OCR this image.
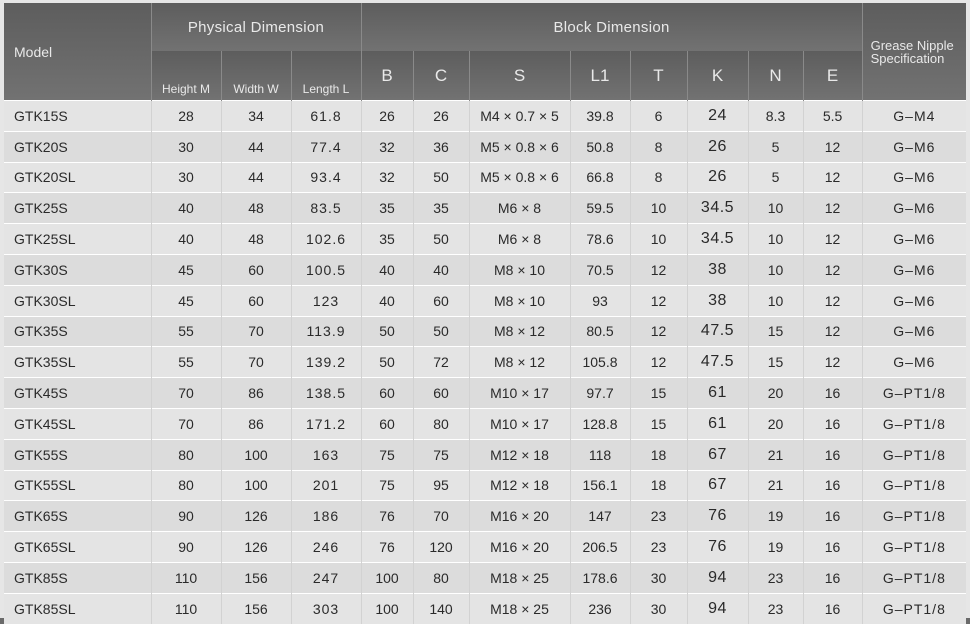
Model	Physical Dimension			Block Dimension								Grease Nipple
Specification
	Height M	Width W	Length L	B	C	S	L1	T	K	N	E	
GTK15S	28	34	61.8	26	26	M4 × 0.7 × 5	39.8	6	24	8.3	5.5	G–M4
GTK20S	30	44	77.4	32	36	M5 × 0.8 × 6	50.8	8	26	5	12	G–M6
GTK20SL	30	44	93.4	32	50	M5 × 0.8 × 6	66.8	8	26	5	12	G–M6
GTK25S	40	48	83.5	35	35	M6 × 8	59.5	10	34.5	10	12	G–M6
GTK25SL	40	48	102.6	35	50	M6 × 8	78.6	10	34.5	10	12	G–M6
GTK30S	45	60	100.5	40	40	M8 × 10	70.5	12	38	10	12	G–M6
GTK30SL	45	60	123	40	60	M8 × 10	93	12	38	10	12	G–M6
GTK35S	55	70	113.9	50	50	M8 × 12	80.5	12	47.5	15	12	G–M6
GTK35SL	55	70	139.2	50	72	M8 × 12	105.8	12	47.5	15	12	G–M6
GTK45S	70	86	138.5	60	60	M10 × 17	97.7	15	61	20	16	G–PT1/8
GTK45SL	70	86	171.2	60	80	M10 × 17	128.8	15	61	20	16	G–PT1/8
GTK55S	80	100	163	75	75	M12 × 18	118	18	67	21	16	G–PT1/8
GTK55SL	80	100	201	75	95	M12 × 18	156.1	18	67	21	16	G–PT1/8
GTK65S	90	126	186	76	70	M16 × 20	147	23	76	19	16	G–PT1/8
GTK65SL	90	126	246	76	120	M16 × 20	206.5	23	76	19	16	G–PT1/8
GTK85S	110	156	247	100	80	M18 × 25	178.6	30	94	23	16	G–PT1/8
GTK85SL	110	156	303	100	140	M18 × 25	236	30	94	23	16	G–PT1/8
